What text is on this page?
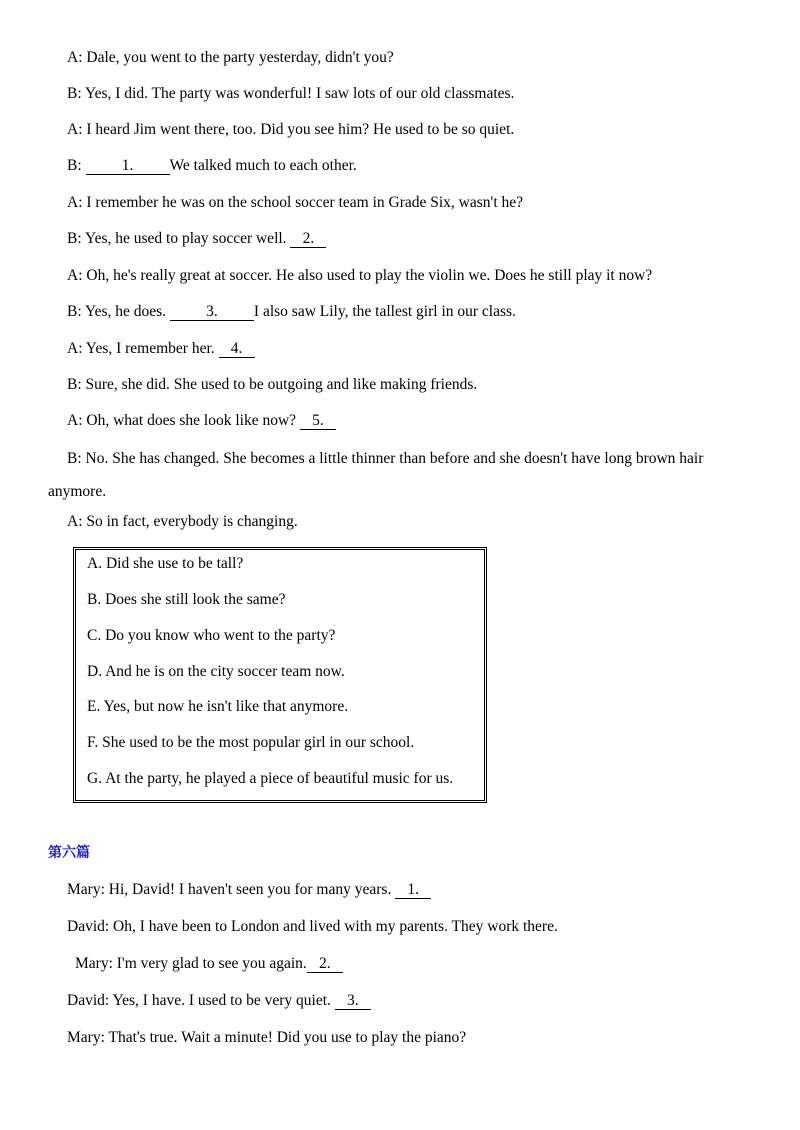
A: Dale, you went to the party yesterday, didn't you?
B: Yes, I did. The party was wonderful! I saw lots of our old classmates.
A: I heard Jim went there, too. Did you see him? He used to be so quiet.
B: 1. We talked much to each other.
A: I remember he was on the school soccer team in Grade Six, wasn't he?
B: Yes, he used to play soccer well. 2.
A: Oh, he's really great at soccer. He also used to play the violin we. Does he still play it now?
B: Yes, he does. 3. I also saw Lily, the tallest girl in our class.
A: Yes, I remember her. 4.
B: Sure, she did. She used to be outgoing and like making friends.
A: Oh, what does she look like now? 5.
B: No. She has changed. She becomes a little thinner than before and she doesn't have long brown hair anymore.
A: So in fact, everybody is changing.
A. Did she use to be tall?
B. Does she still look the same?
C. Do you know who went to the party?
D. And he is on the city soccer team now.
E. Yes, but now he isn't like that anymore.
F. She used to be the most popular girl in our school.
G. At the party, he played a piece of beautiful music for us.
第六篇
Mary: Hi, David! I haven't seen you for many years. 1.
David: Oh, I have been to London and lived with my parents. They work there.
Mary: I'm very glad to see you again. 2.
David: Yes, I have. I used to be very quiet. 3.
Mary: That's true. Wait a minute! Did you use to play the piano?
